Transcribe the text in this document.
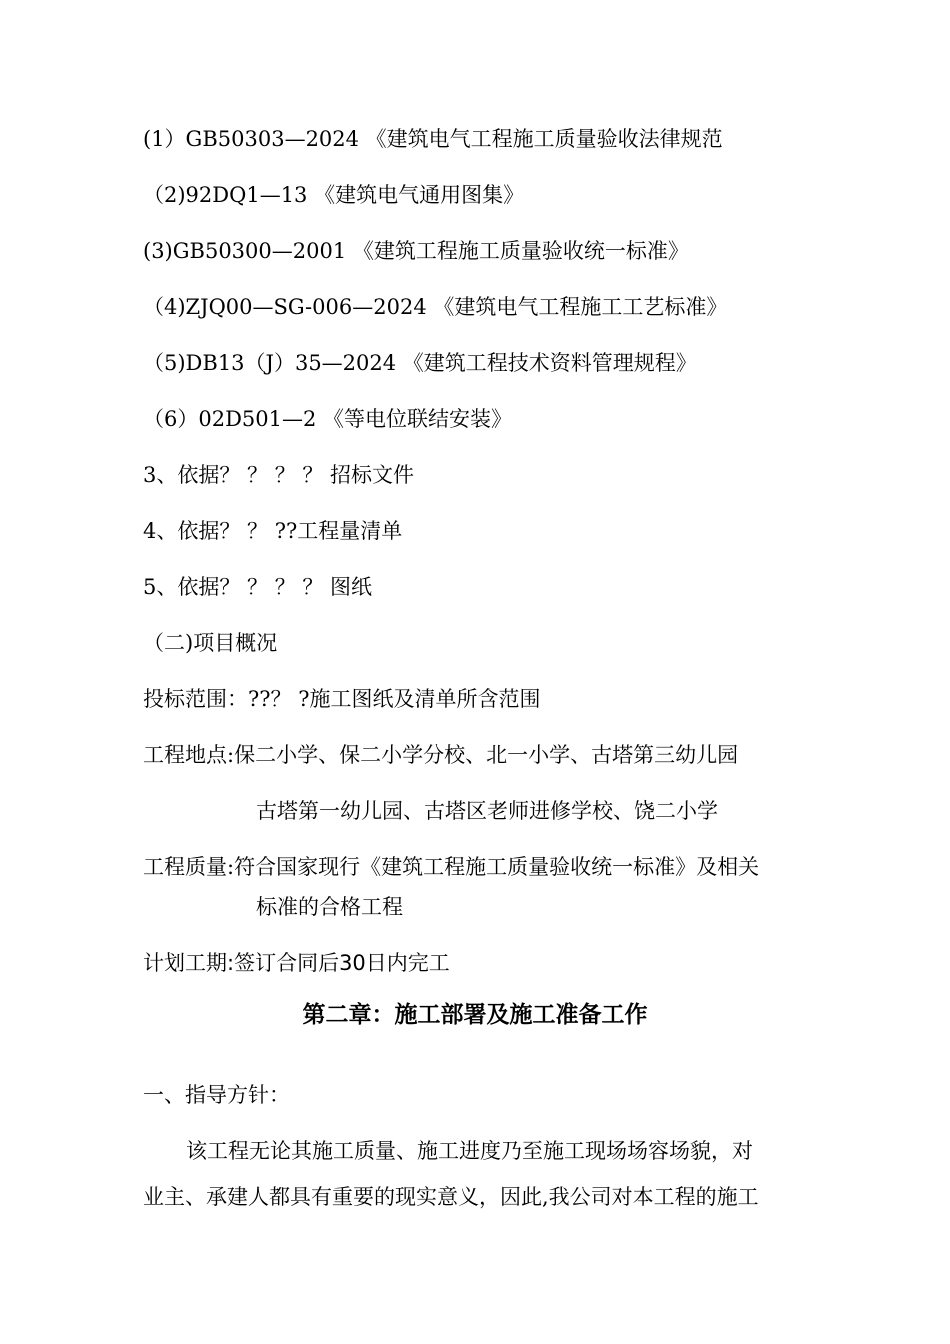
(1）GB50303—2024 《建筑电气工程施工质量验收法律规范
（2)92DQ1—13 《建筑电气通用图集》
(3)GB50300—2001 《建筑工程施工质量验收统一标准》
（4)ZJQ00—SG-006—2024 《建筑电气工程施工工艺标准》
（5)DB13（J）35—2024 《建筑工程技术资料管理规程》
（6）02D501—2 《等电位联结安装》
3、依据？ ？ ？ ？ 招标文件
4、依据？ ？ ??工程量清单
5、依据？ ？ ？ ？ 图纸
（二)项目概况
投标范围：??？ ?施工图纸及清单所含范围
工程地点:保二小学、保二小学分校、北一小学、古塔第三幼儿园
古塔第一幼儿园、古塔区老师进修学校、饶二小学
工程质量:符合国家现行《建筑工程施工质量验收统一标准》及相关
标准的合格工程
计划工期:签订合同后30日内完工
第二章：施工部署及施工准备工作
一、指导方针：
该工程无论其施工质量、施工进度乃至施工现场场容场貌，对
业主、承建人都具有重要的现实意义，因此,我公司对本工程的施工
